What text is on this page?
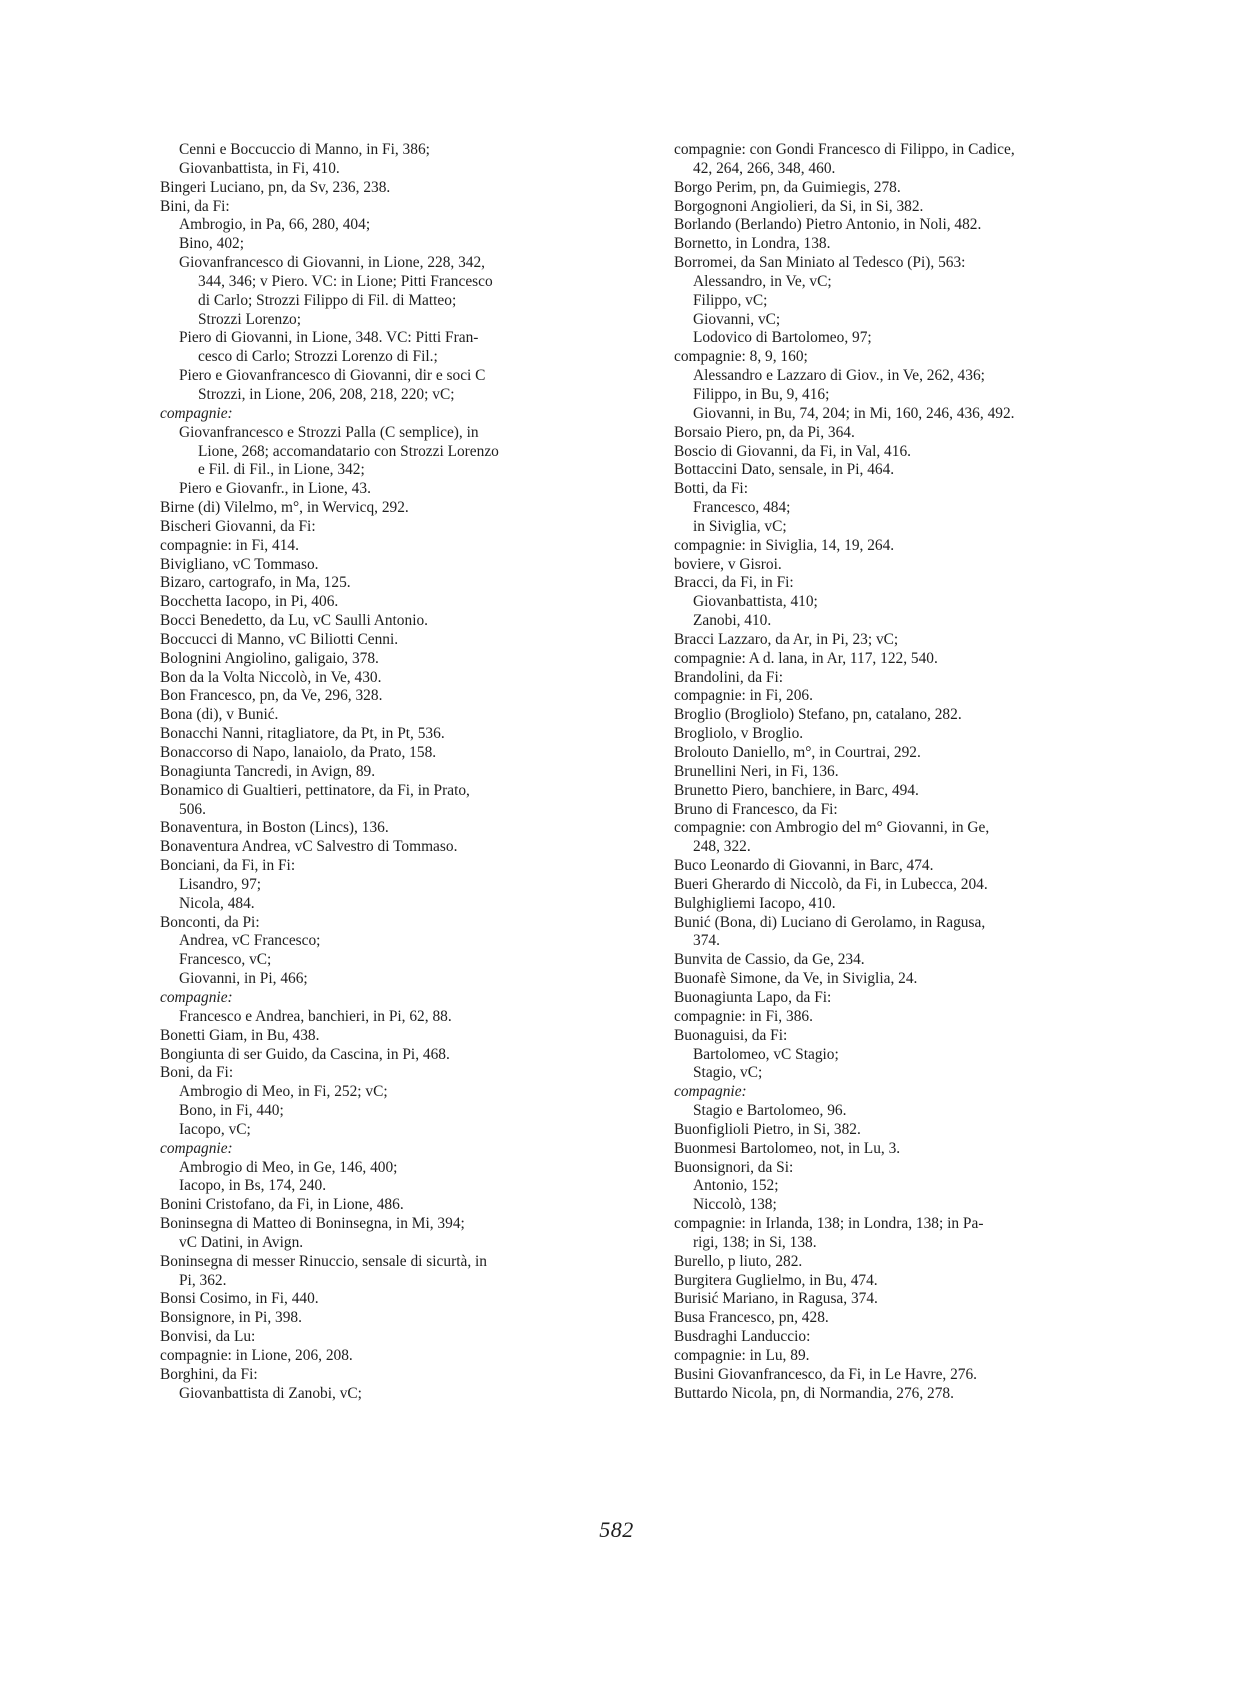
Cenni e Boccuccio di Manno, in Fi, 386;
Giovanbattista, in Fi, 410.
Bingeri Luciano, pn, da Sv, 236, 238.
Bini, da Fi:
Ambrogio, in Pa, 66, 280, 404;
Bino, 402;
Giovanfrancesco di Giovanni, in Lione, 228, 342,
344, 346; v Piero. VC: in Lione; Pitti Francesco
di Carlo; Strozzi Filippo di Fil. di Matteo;
Strozzi Lorenzo;
Piero di Giovanni, in Lione, 348. VC: Pitti Fran-
cesco di Carlo; Strozzi Lorenzo di Fil.;
Piero e Giovanfrancesco di Giovanni, dir e soci C
Strozzi, in Lione, 206, 208, 218, 220; vC;
compagnie:
Giovanfrancesco e Strozzi Palla (C semplice), in
Lione, 268; accomandatario con Strozzi Lorenzo
e Fil. di Fil., in Lione, 342;
Piero e Giovanfr., in Lione, 43.
Birne (di) Vilelmo, m°, in Wervicq, 292.
Bischeri Giovanni, da Fi:
compagnie: in Fi, 414.
Bivigliano, vC Tommaso.
Bizaro, cartografo, in Ma, 125.
Bocchetta Iacopo, in Pi, 406.
Bocci Benedetto, da Lu, vC Saulli Antonio.
Boccucci di Manno, vC Biliotti Cenni.
Bolognini Angiolino, galigaio, 378.
Bon da la Volta Niccolò, in Ve, 430.
Bon Francesco, pn, da Ve, 296, 328.
Bona (di), v Bunić.
Bonacchi Nanni, ritagliatore, da Pt, in Pt, 536.
Bonaccorso di Napo, lanaiolo, da Prato, 158.
Bonagiunta Tancredi, in Avign, 89.
Bonamico di Gualtieri, pettinatore, da Fi, in Prato,
506.
Bonaventura, in Boston (Lincs), 136.
Bonaventura Andrea, vC Salvestro di Tommaso.
Bonciani, da Fi, in Fi:
Lisandro, 97;
Nicola, 484.
Bonconti, da Pi:
Andrea, vC Francesco;
Francesco, vC;
Giovanni, in Pi, 466;
compagnie:
Francesco e Andrea, banchieri, in Pi, 62, 88.
Bonetti Giam, in Bu, 438.
Bongiunta di ser Guido, da Cascina, in Pi, 468.
Boni, da Fi:
Ambrogio di Meo, in Fi, 252; vC;
Bono, in Fi, 440;
Iacopo, vC;
compagnie:
Ambrogio di Meo, in Ge, 146, 400;
Iacopo, in Bs, 174, 240.
Bonini Cristofano, da Fi, in Lione, 486.
Boninsegna di Matteo di Boninsegna, in Mi, 394;
vC Datini, in Avign.
Boninsegna di messer Rinuccio, sensale di sicurtà, in
Pi, 362.
Bonsi Cosimo, in Fi, 440.
Bonsignore, in Pi, 398.
Bonvisi, da Lu:
compagnie: in Lione, 206, 208.
Borghini, da Fi:
Giovanbattista di Zanobi, vC;
compagnie: con Gondi Francesco di Filippo, in Cadice,
42, 264, 266, 348, 460.
Borgo Perim, pn, da Guimiegis, 278.
Borgognoni Angiolieri, da Si, in Si, 382.
Borlando (Berlando) Pietro Antonio, in Noli, 482.
Bornetto, in Londra, 138.
Borromei, da San Miniato al Tedesco (Pi), 563:
Alessandro, in Ve, vC;
Filippo, vC;
Giovanni, vC;
Lodovico di Bartolomeo, 97;
compagnie: 8, 9, 160;
Alessandro e Lazzaro di Giov., in Ve, 262, 436;
Filippo, in Bu, 9, 416;
Giovanni, in Bu, 74, 204; in Mi, 160, 246, 436, 492.
Borsaio Piero, pn, da Pi, 364.
Boscio di Giovanni, da Fi, in Val, 416.
Bottaccini Dato, sensale, in Pi, 464.
Botti, da Fi:
Francesco, 484;
in Siviglia, vC;
compagnie: in Siviglia, 14, 19, 264.
boviere, v Gisroi.
Bracci, da Fi, in Fi:
Giovanbattista, 410;
Zanobi, 410.
Bracci Lazzaro, da Ar, in Pi, 23; vC;
compagnie: A d. lana, in Ar, 117, 122, 540.
Brandolini, da Fi:
compagnie: in Fi, 206.
Broglio (Brogliolo) Stefano, pn, catalano, 282.
Brogliolo, v Broglio.
Brolouto Daniello, m°, in Courtrai, 292.
Brunellini Neri, in Fi, 136.
Brunetto Piero, banchiere, in Barc, 494.
Bruno di Francesco, da Fi:
compagnie: con Ambrogio del m° Giovanni, in Ge,
248, 322.
Buco Leonardo di Giovanni, in Barc, 474.
Bueri Gherardo di Niccolò, da Fi, in Lubecca, 204.
Bulghigliemi Iacopo, 410.
Bunić (Bona, di) Luciano di Gerolamo, in Ragusa,
374.
Bunvita de Cassio, da Ge, 234.
Buonafè Simone, da Ve, in Siviglia, 24.
Buonagiunta Lapo, da Fi:
compagnie: in Fi, 386.
Buonaguisi, da Fi:
Bartolomeo, vC Stagio;
Stagio, vC;
compagnie:
Stagio e Bartolomeo, 96.
Buonfiglioli Pietro, in Si, 382.
Buonmesi Bartolomeo, not, in Lu, 3.
Buonsignori, da Si:
Antonio, 152;
Niccolò, 138;
compagnie: in Irlanda, 138; in Londra, 138; in Pa-
rigi, 138; in Si, 138.
Burello, p liuto, 282.
Burgitera Guglielmo, in Bu, 474.
Burisić Mariano, in Ragusa, 374.
Busa Francesco, pn, 428.
Busdraghi Landuccio:
compagnie: in Lu, 89.
Busini Giovanfrancesco, da Fi, in Le Havre, 276.
Buttardo Nicola, pn, di Normandia, 276, 278.
582
